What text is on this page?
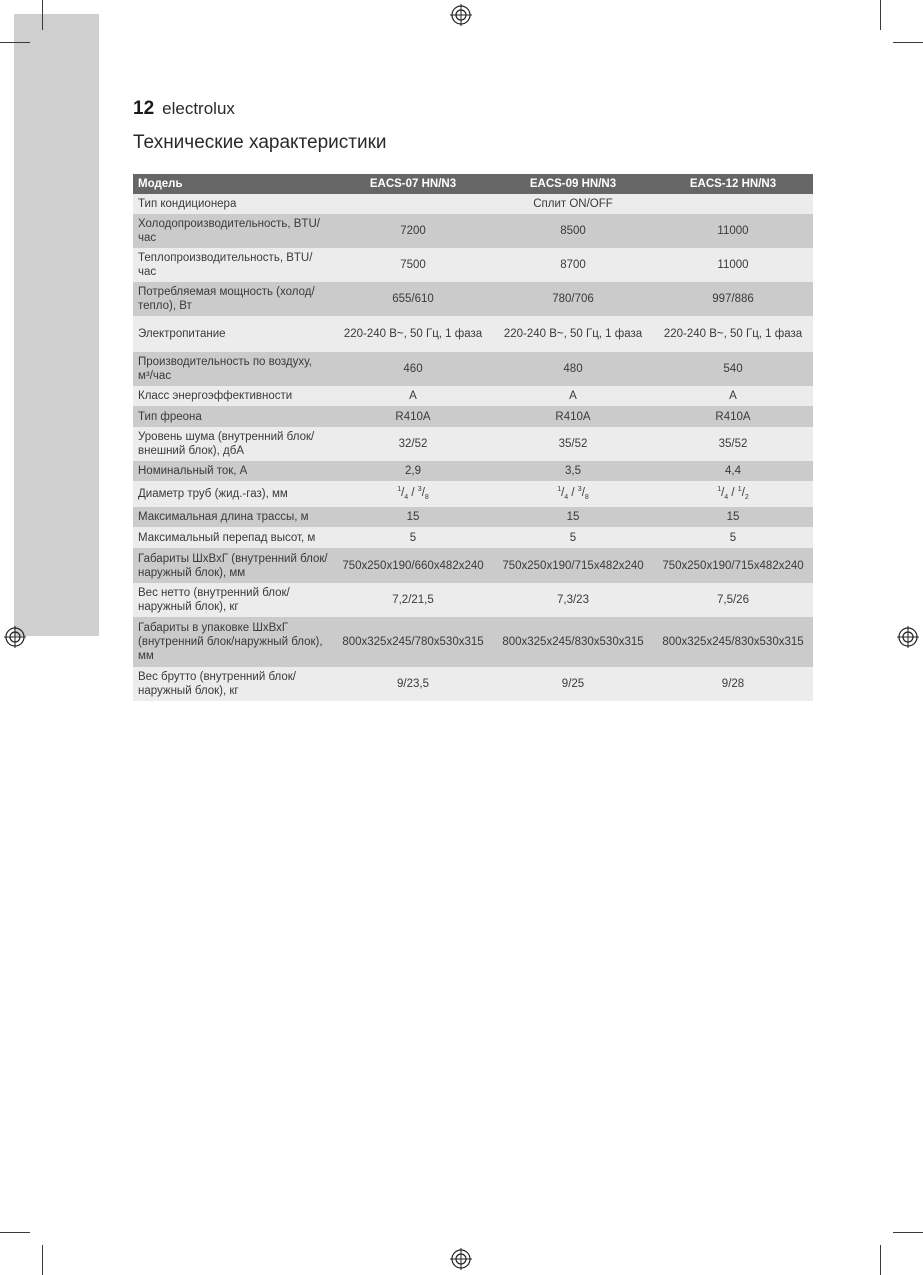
12 electrolux
Технические характеристики
Модель	EACS-07 HN/N3	EACS-09 HN/N3	EACS-12 HN/N3
Тип кондиционера	Сплит ON/OFF		
Холодопроизводительность, BTU/час	7200	8500	11000
Теплопроизводительность, BTU/час	7500	8700	11000
Потребляемая мощность (холод/тепло), Вт	655/610	780/706	997/886
Электропитание	220-240 В~, 50 Гц, 1 фаза	220-240 В~, 50 Гц, 1 фаза	220-240 В~, 50 Гц, 1 фаза
Производительность по воздуху, м³/час	460	480	540
Класс энергоэффективности	A	A	A
Тип фреона	R410A	R410A	R410A
Уровень шума (внутренний блок/внешний блок), дбА	32/52	35/52	35/52
Номинальный ток, А	2,9	3,5	4,4
Диаметр труб (жид.-газ), мм	$^1/_4 / ^3/_8$	$^1/_4 / ^3/_8$	$^1/_4 / ^1/_2$
Максимальная длина трассы, м	15	15	15
Максимальный перепад высот, м	5	5	5
Габариты ШхВхГ (внутренний блок/наружный блок), мм	750x250x190/660x482x240	750x250x190/715x482x240	750x250x190/715x482x240
Вес нетто (внутренний блок/наружный блок), кг	7,2/21,5	7,3/23	7,5/26
Габариты в упаковке ШхВхГ (внутренний блок/наружный блок), мм	800x325x245/780x530x315	800x325x245/830x530x315	800x325x245/830x530x315
Вес брутто (внутренний блок/наружный блок), кг	9/23,5	9/25	9/28
